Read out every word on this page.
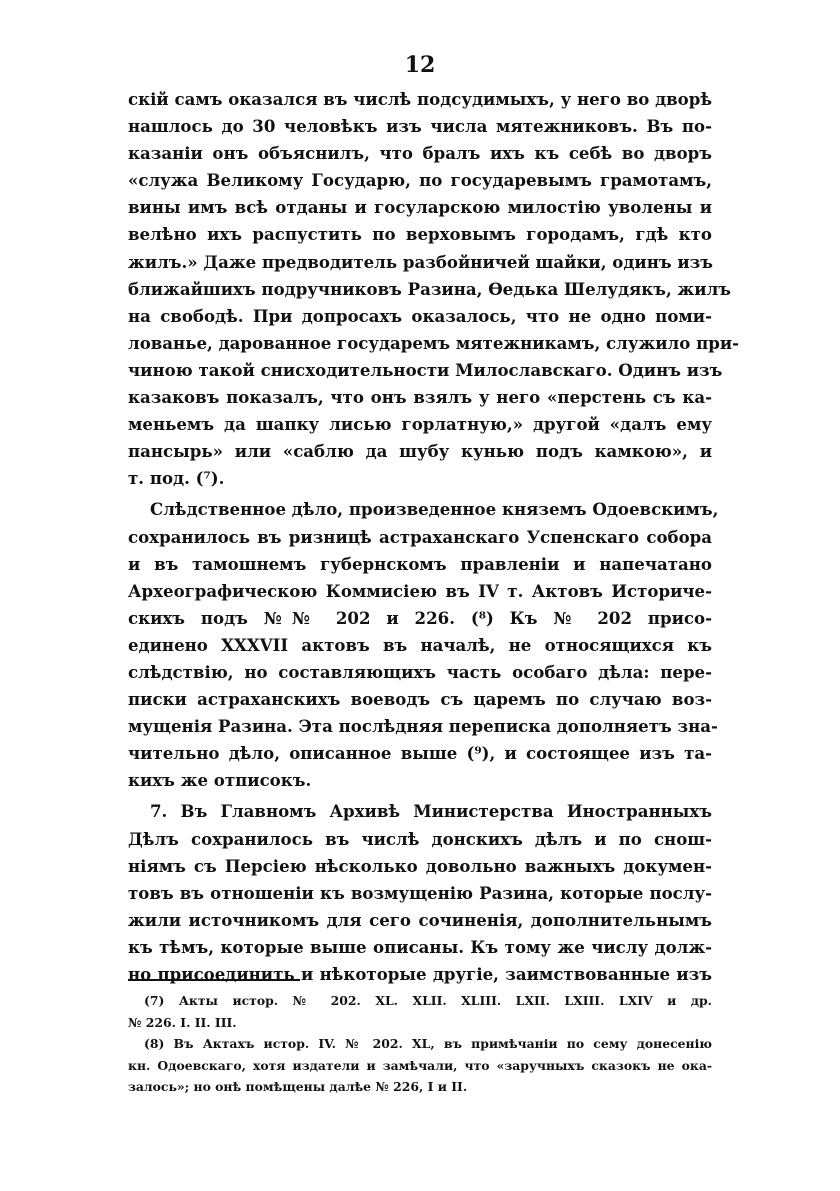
12
скій самъ оказался въ числѣ подсудимыхъ, у него во дворѣ
нашлось до 30 человѣкъ изъ числа мятежниковъ. Въ по-
казаніи онъ объяснилъ, что бралъ ихъ къ себѣ во дворъ
«служа Великому Государю, по государевымъ грамотамъ,
вины имъ всѣ отданы и госуларскою милостію уволены и
велѣно ихъ распустить по верховымъ городамъ, гдѣ кто
жилъ.» Даже предводитель разбойничей шайки, одинъ изъ
ближайшихъ подручниковъ Разина, Ѳедька Шелудякъ, жилъ
на свободѣ. При допросахъ оказалось, что не одно поми-
лованье, дарованное государемъ мятежникамъ, служило при-
чиною такой снисходительности Милославскаго. Одинъ изъ
казаковъ показалъ, что онъ взялъ у него «перстень съ ка-
меньемъ да шапку лисью горлатную,» другой «далъ ему
пансырь» или «саблю да шубу кунью подъ камкою», и
т. под. (⁷).
Слѣдственное дѣло, произведенное княземъ Одоевскимъ,
сохранилось въ ризницѣ астраханскаго Успенскаго собора
и въ тамошнемъ губернскомъ правленіи и напечатано
Археографическою Коммисіею въ IV т. Актовъ Историче-
скихъ подъ №№ 202 и 226. (⁸) Къ № 202 присо-
единено XXXVII актовъ въ началѣ, не относящихся къ
слѣдствію, но составляющихъ часть особаго дѣла: пере-
писки астраханскихъ воеводъ съ царемъ по случаю воз-
мущенія Разина. Эта послѣдняя переписка дополняетъ зна-
чительно дѣло, описанное выше (⁹), и состоящее изъ та-
кихъ же отписокъ.
7. Въ Главномъ Архивѣ Министерства Иностранныхъ
Дѣлъ сохранилось въ числѣ донскихъ дѣлъ и по снош-
ніямъ съ Персіею нѣсколько довольно важныхъ докумен-
товъ въ отношеніи къ возмущенію Разина, которые послу-
жили источникомъ для сего сочиненія, дополнительнымъ
къ тѣмъ, которые выше описаны. Къ тому же числу долж-
но присоединить и нѣкоторые другіе, заимствованные изъ
(7) Акты истор. № 202. XL. XLII. XLIII. LXII. LXIII. LXIV и др.
№ 226. I. II. III.
(8) Въ Актахъ истор. IV. № 202. XL, въ примѣчаніи по сему донесенію
кн. Одоевскаго, хотя издатели и замѣчали, что «заручныхъ сказокъ не ока-
залось»; но онѣ помѣщены далѣе № 226, I и II.
